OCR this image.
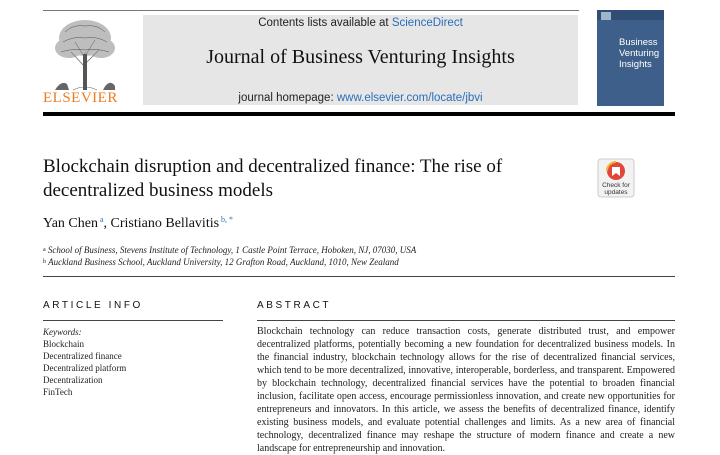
ELSEVIER
Contents lists available at ScienceDirect
Journal of Business Venturing Insights
journal homepage: www.elsevier.com/locate/jbvi
Business
Venturing
Insights
Blockchain disruption and decentralized finance: The rise of decentralized business models	Check for
updates
Yan Chen $^a$, Cristiano Bellavitis $^{b, *}$
$^a$ School of Business, Stevens Institute of Technology, 1 Castle Point Terrace, Hoboken, NJ, 07030, USA
$^b$ Auckland Business School, Auckland University, 12 Grafton Road, Auckland, 1010, New Zealand
ARTICLE INFO
Keywords:
Blockchain
Decentralized finance
Decentralized platform
Decentralization
FinTech
ABSTRACT
Blockchain technology can reduce transaction costs, generate distributed trust, and empower decentralized platforms, potentially becoming a new foundation for decentralized business models. In the financial industry, blockchain technology allows for the rise of decentralized financial services, which tend to be more decentralized, innovative, interoperable, borderless, and transparent. Empowered by blockchain technology, decentralized financial services have the potential to broaden financial inclusion, facilitate open access, encourage permissionless innovation, and create new opportunities for entrepreneurs and innovators. In this article, we assess the benefits of decentralized finance, identify existing business models, and evaluate potential challenges and limits. As a new area of financial technology, decentralized finance may reshape the structure of modern finance and create a new landscape for entrepreneurship and innovation.
